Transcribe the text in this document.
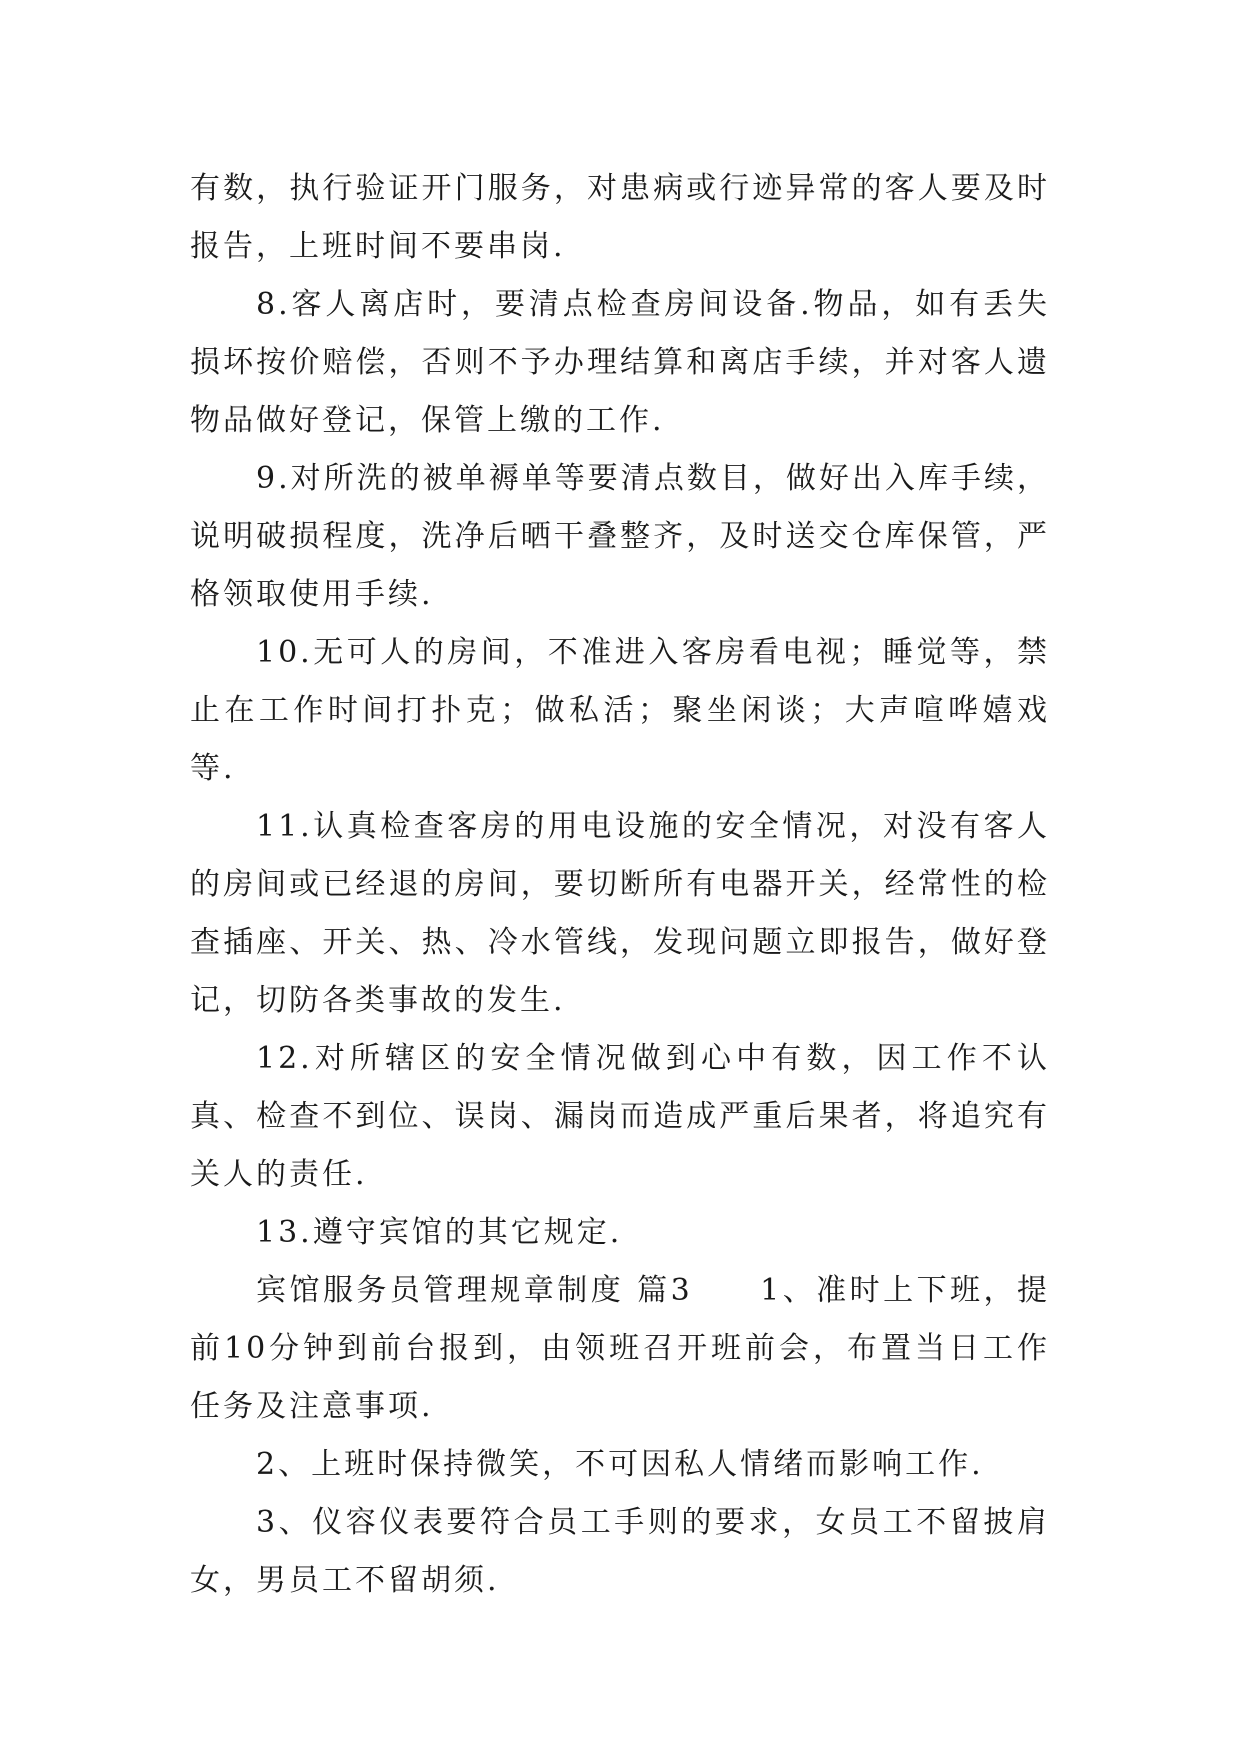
有数，执行验证开门服务，对患病或行迹异常的客人要及时报告，上班时间不要串岗.

8.客人离店时，要清点检查房间设备.物品，如有丢失损坏按价赔偿，否则不予办理结算和离店手续，并对客人遗物品做好登记，保管上缴的工作.

9.对所洗的被单褥单等要清点数目，做好出入库手续，说明破损程度，洗净后晒干叠整齐，及时送交仓库保管，严格领取使用手续.

10.无可人的房间，不准进入客房看电视；睡觉等，禁止在工作时间打扑克；做私活；聚坐闲谈；大声喧哗嬉戏等.

11.认真检查客房的用电设施的安全情况，对没有客人的房间或已经退的房间，要切断所有电器开关，经常性的检查插座、开关、热、冷水管线，发现问题立即报告，做好登记，切防各类事故的发生.

12.对所辖区的安全情况做到心中有数，因工作不认真、检查不到位、误岗、漏岗而造成严重后果者，将追究有关人的责任.

13.遵守宾馆的其它规定.

宾馆服务员管理规章制度 篇3　　1、准时上下班，提前10分钟到前台报到，由领班召开班前会，布置当日工作任务及注意事项.

2、上班时保持微笑，不可因私人情绪而影响工作.

3、仪容仪表要符合员工手则的要求，女员工不留披肩女，男员工不留胡须.
